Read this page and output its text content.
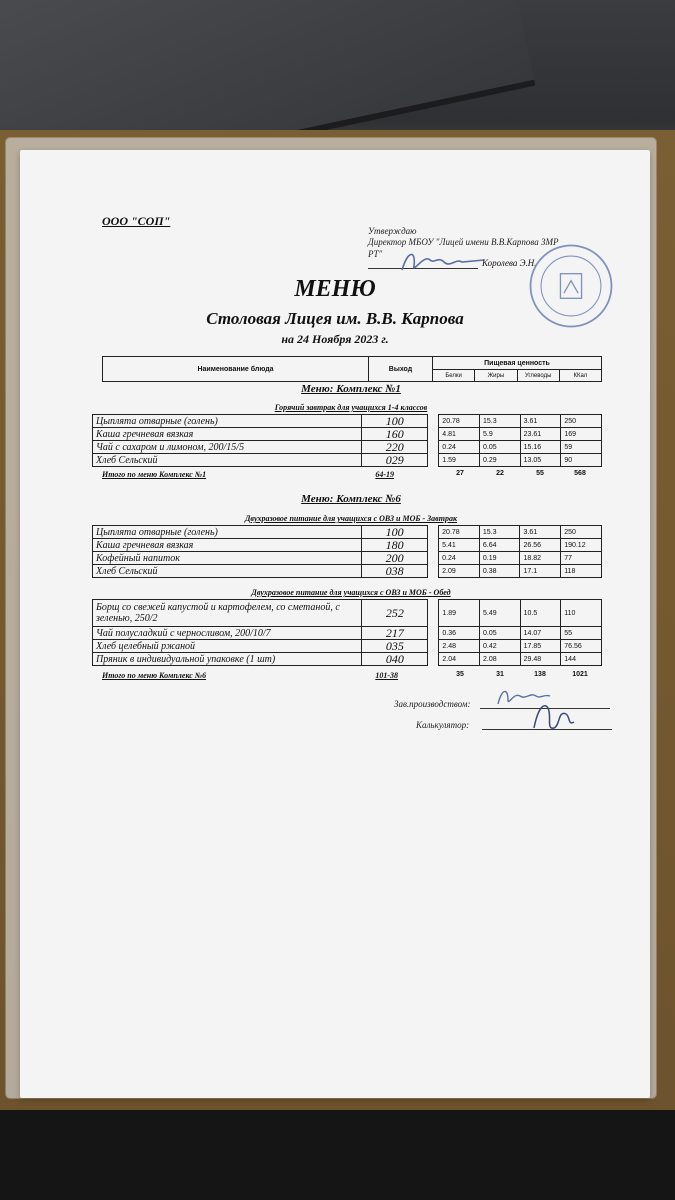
ООО "СОП"
Утверждаю
Директор МБОУ "Лицей имени В.В.Карпова ЗМР
РТ"
Королева Э.Н.
МЕНЮ
Столовая Лицея им. В.В. Карпова
на 24 Ноября 2023 г.
Наименование блюда	Выход
Пищевая ценность
Белки	Жиры	Углеводы	ККал
Меню: Комплекс №1
Горячий завтрак для учащихся 1-4 классов
Цыплята отварные (голень)	100		20.78	15.3	3.61	250
Каша гречневая вязкая	160		4.81	5.9	23.61	169
Чай с сахаром и лимоном, 200/15/5	220		0.24	0.05	15.16	59
Хлеб Сельский	029		1.59	0.29	13.05	90
Итого по меню Комплекс №1	64-19	27	22	55	568
Меню: Комплекс №6
Двухразовое питание для учащихся с ОВЗ и МОБ - Завтрак
Цыплята отварные (голень)	100		20.78	15.3	3.61	250
Каша гречневая вязкая	180		5.41	6.64	26.56	190.12
Кофейный напиток	200		0.24	0.19	18.82	77
Хлеб Сельский	038		2.09	0.38	17.1	118
Двухразовое питание для учащихся с ОВЗ и МОБ - Обед
Борщ со свежей капустой и картофелем, со сметаной, с зеленью, 250/2	252		1.89	5.49	10.5	110
Чай полусладкий с черносливом, 200/10/7	217		0.36	0.05	14.07	55
Хлеб целебный ржаной	035		2.48	0.42	17.85	76.56
Пряник в индивидуальной упаковке (1 шт)	040		2.04	2.08	29.48	144
Итого по меню Комплекс №6	101-38	35	31	138	1021
Зав.производством:
Калькулятор:
